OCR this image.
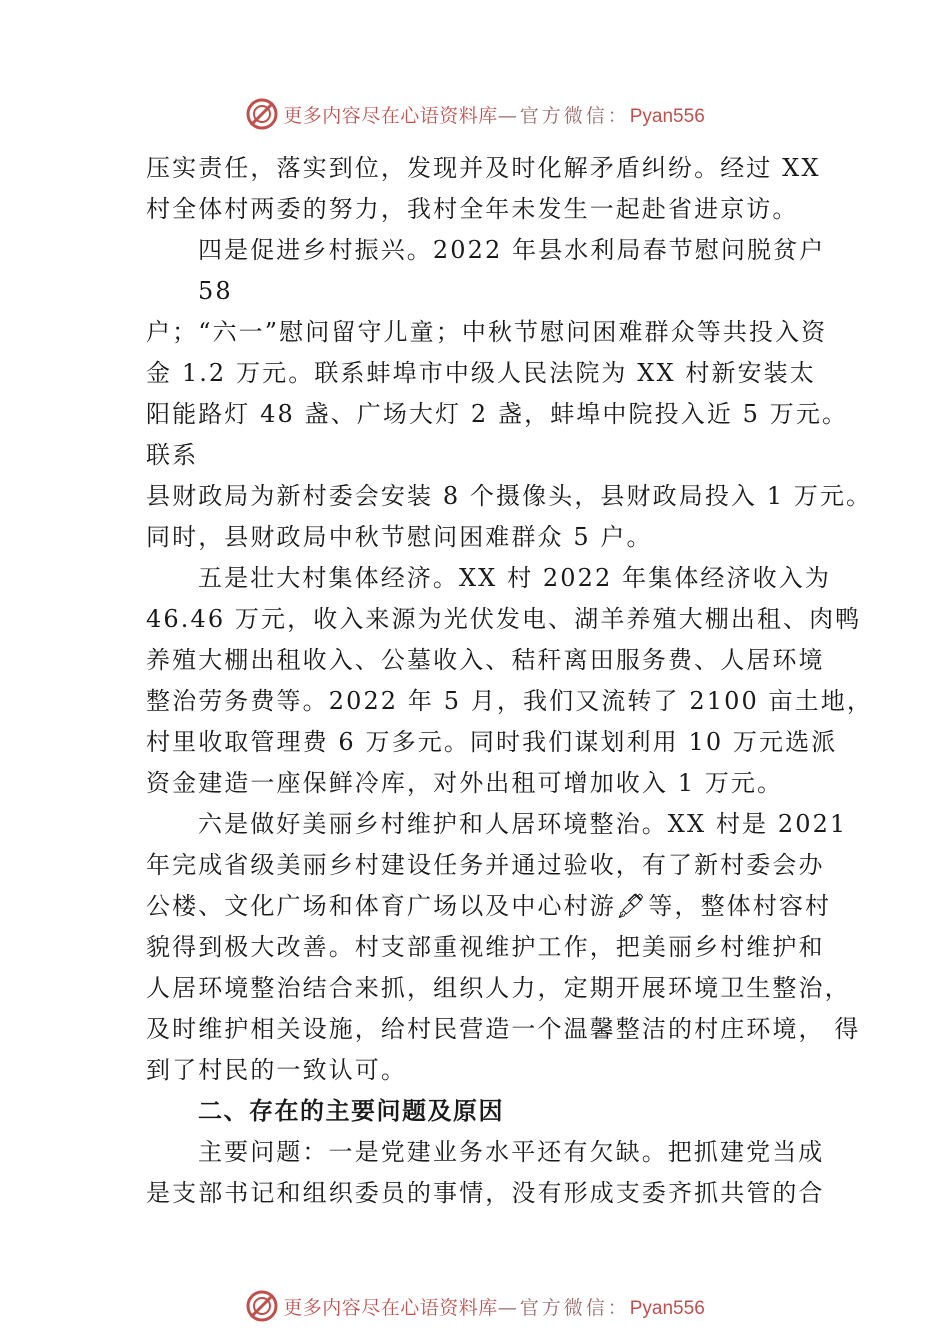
更多内容尽在心语资料库—官方微信：Pyan556
压实责任，落实到位，发现并及时化解矛盾纠纷。经过 XX
村全体村两委的努力，我村全年未发生一起赴省进京访。
四是促进乡村振兴。2022 年县水利局春节慰问脱贫户
58
户；“六一”慰问留守儿童；中秋节慰问困难群众等共投入资
金 1.2 万元。联系蚌埠市中级人民法院为 XX 村新安装太
阳能路灯 48 盏、广场大灯 2 盏，蚌埠中院投入近 5 万元。
联系
县财政局为新村委会安装 8 个摄像头，县财政局投入 1 万元。
同时，县财政局中秋节慰问困难群众 5 户。
五是壮大村集体经济。XX 村 2022 年集体经济收入为
46.46 万元，收入来源为光伏发电、湖羊养殖大棚出租、肉鸭
养殖大棚出租收入、公墓收入、秸秆离田服务费、人居环境
整治劳务费等。2022 年 5 月，我们又流转了 2100 亩土地，
村里收取管理费 6 万多元。同时我们谋划利用 10 万元选派
资金建造一座保鲜冷库，对外出租可增加收入 1 万元。
六是做好美丽乡村维护和人居环境整治。XX 村是 2021
年完成省级美丽乡村建设任务并通过验收，有了新村委会办
公楼、文化广场和体育广场以及中心村游🖋等，整体村容村
貌得到极大改善。村支部重视维护工作，把美丽乡村维护和
人居环境整治结合来抓，组织人力，定期开展环境卫生整治，
及时维护相关设施，给村民营造一个温馨整洁的村庄环境， 得
到了村民的一致认可。
二、存在的主要问题及原因
主要问题：一是党建业务水平还有欠缺。把抓建党当成
是支部书记和组织委员的事情，没有形成支委齐抓共管的合
更多内容尽在心语资料库—官方微信：Pyan556
